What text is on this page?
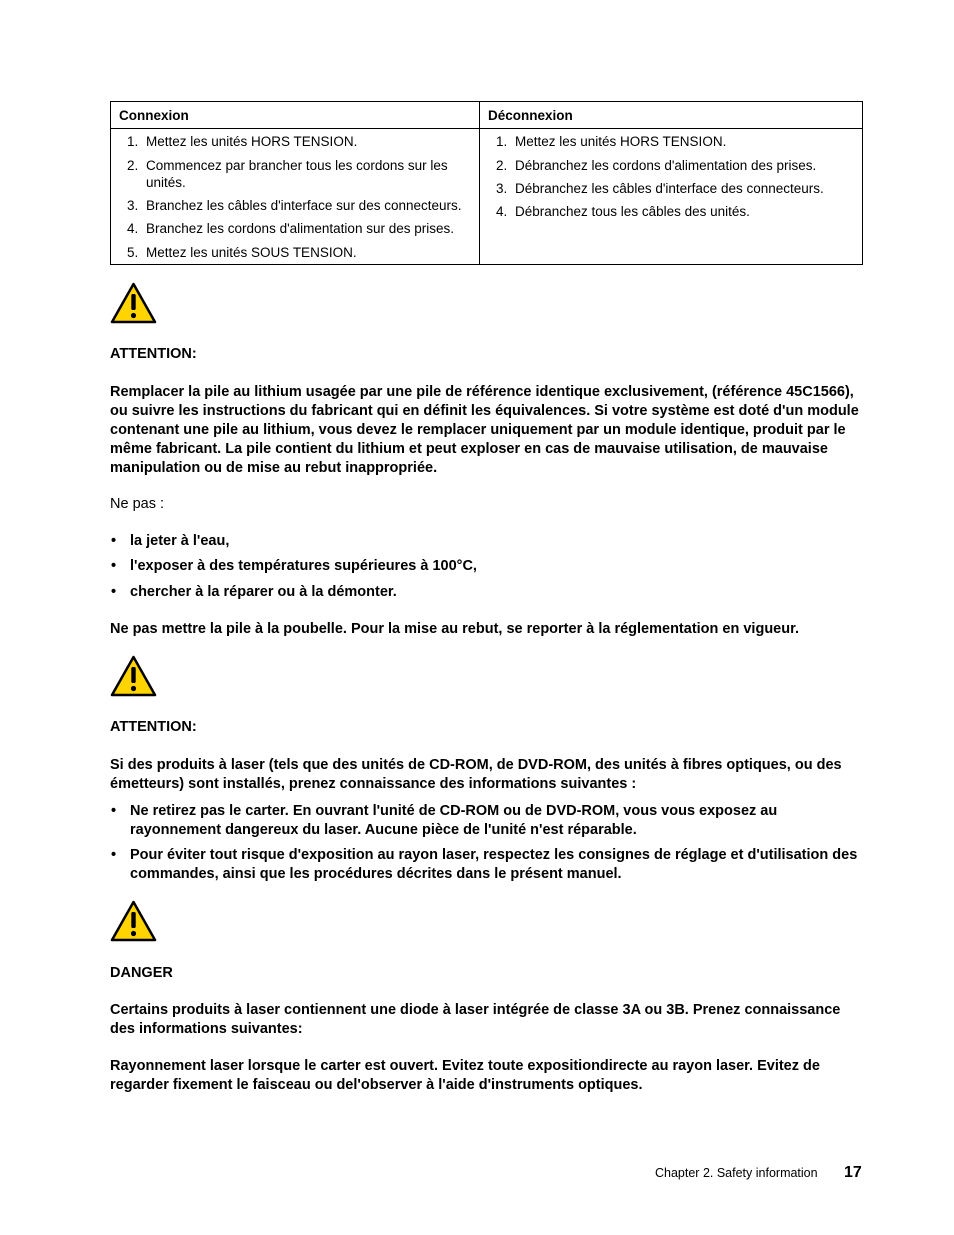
Connexion
1. Mettez les unités HORS TENSION.
2. Commencez par brancher tous les cordons sur les unités.
3. Branchez les câbles d'interface sur des connecteurs.
4. Branchez les cordons d'alimentation sur des prises.
5. Mettez les unités SOUS TENSION.
Déconnexion
1. Mettez les unités HORS TENSION.
2. Débranchez les cordons d'alimentation des prises.
3. Débranchez les câbles d'interface des connecteurs.
4. Débranchez tous les câbles des unités.
ATTENTION:
Remplacer la pile au lithium usagée par une pile de référence identique exclusivement, (référence 45C1566), ou suivre les instructions du fabricant qui en définit les équivalences. Si votre système est doté d'un module contenant une pile au lithium, vous devez le remplacer uniquement par un module identique, produit par le même fabricant. La pile contient du lithium et peut exploser en cas de mauvaise utilisation, de mauvaise manipulation ou de mise au rebut inappropriée.
Ne pas :
• la jeter à l'eau,
• l'exposer à des températures supérieures à 100°C,
• chercher à la réparer ou à la démonter.
Ne pas mettre la pile à la poubelle. Pour la mise au rebut, se reporter à la réglementation en vigueur.
ATTENTION:
Si des produits à laser (tels que des unités de CD-ROM, de DVD-ROM, des unités à fibres optiques, ou des émetteurs) sont installés, prenez connaissance des informations suivantes :
• Ne retirez pas le carter. En ouvrant l'unité de CD-ROM ou de DVD-ROM, vous vous exposez au rayonnement dangereux du laser. Aucune pièce de l'unité n'est réparable.
• Pour éviter tout risque d'exposition au rayon laser, respectez les consignes de réglage et d'utilisation des commandes, ainsi que les procédures décrites dans le présent manuel.
DANGER
Certains produits à laser contiennent une diode à laser intégrée de classe 3A ou 3B. Prenez connaissance des informations suivantes:
Rayonnement laser lorsque le carter est ouvert. Evitez toute expositiondirecte au rayon laser. Evitez de regarder fixement le faisceau ou del'observer à l'aide d'instruments optiques.
Chapter 2. Safety information 17
